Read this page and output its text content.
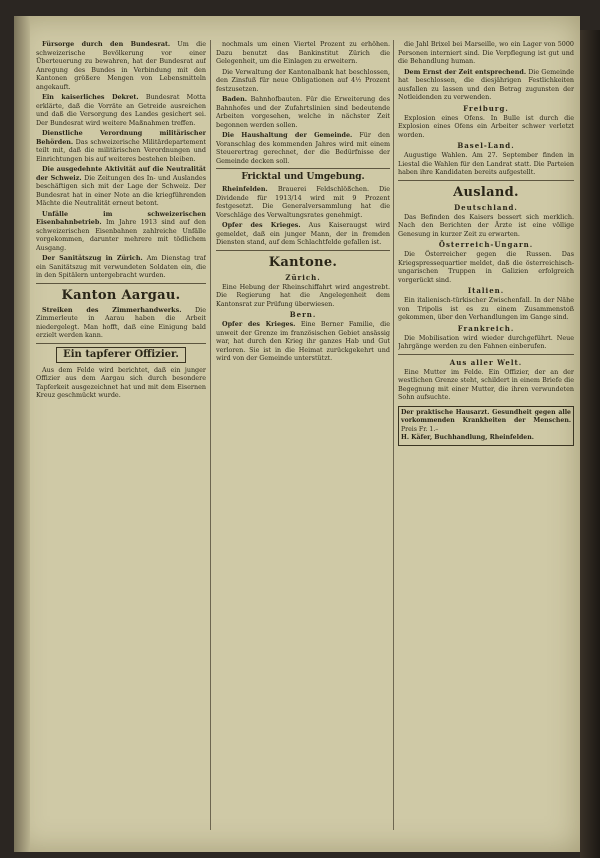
Fürsorge durch den Bundesrat. Um die schweizerische Bevölkerung vor einer Überteuerung zu bewahren, hat der Bundesrat auf Anregung des Bundes in Verbindung mit den Kantonen größere Mengen von Lebensmitteln angekauft.

Ein kaiserliches Dekret. Bundesrat Motta erklärte, daß die Vorräte an Getreide ausreichen und daß die Versorgung des Landes gesichert sei. Der Bundesrat wird weitere Maßnahmen treffen.

Dienstliche Verordnung militärischer Behörden. Das schweizerische Militärdepartement teilt mit, daß die militärischen Verordnungen und Einrichtungen bis auf weiteres bestehen bleiben.

Die ausgedehnte Aktivität auf die Neutralität der Schweiz. Die Zeitungen des In- und Auslandes beschäftigen sich mit der Lage der Schweiz. Der Bundesrat hat in einer Note an die kriegführenden Mächte die Neutralität erneut betont.

Unfälle im schweizerischen Eisenbahnbetrieb. Im Jahre 1913 sind auf den schweizerischen Eisenbahnen zahlreiche Unfälle vorgekommen, darunter mehrere mit tödlichem Ausgang.

Der Sanitätszug in Zürich. Am Dienstag traf ein Sanitätszug mit verwundeten Soldaten ein, die in den Spitälern untergebracht wurden.

Kanton Aargau.

Streiken des Zimmerhandwerks. Die Zimmerleute in Aarau haben die Arbeit niedergelegt. Man hofft, daß eine Einigung bald erzielt werden kann.

Ein tapferer Offizier.

Aus dem Felde wird berichtet, daß ein junger Offizier aus dem Aargau sich durch besondere Tapferkeit ausgezeichnet hat und mit dem Eisernen Kreuz geschmückt wurde.

nochmals um einen Viertel Prozent zu erhöhen. Dazu benutzt das Bankinstitut Zürich die Gelegenheit, um die Einlagen zu erweitern.

Die Verwaltung der Kantonalbank hat beschlossen, den Zinsfuß für neue Obligationen auf 4½ Prozent festzusetzen.

Baden. Bahnhofbauten. Für die Erweiterung des Bahnhofes und der Zufahrtslinien sind bedeutende Arbeiten vorgesehen, welche in nächster Zeit begonnen werden sollen.

Die Haushaltung der Gemeinde. Für den Voranschlag des kommenden Jahres wird mit einem Steuerertrag gerechnet, der die Bedürfnisse der Gemeinde decken soll.

Fricktal und Umgebung.

Rheinfelden. Brauerei Feldschlößchen. Die Dividende für 1913/14 wird mit 9 Prozent festgesetzt. Die Generalversammlung hat die Vorschläge des Verwaltungsrates genehmigt.

Opfer des Krieges. Aus Kaiseraugst wird gemeldet, daß ein junger Mann, der in fremden Diensten stand, auf dem Schlachtfelde gefallen ist.

Kantone.
Zürich.

Eine Hebung der Rheinschiffahrt wird angestrebt. Die Regierung hat die Angelegenheit dem Kantonsrat zur Prüfung überwiesen.

Bern.

Opfer des Krieges. Eine Berner Familie, die unweit der Grenze im französischen Gebiet ansässig war, hat durch den Krieg ihr ganzes Hab und Gut verloren. Sie ist in die Heimat zurückgekehrt und wird von der Gemeinde unterstützt.

die Jahl Brixel bei Marseille, wo ein Lager von 5000 Personen interniert sind. Die Verpflegung ist gut und die Behandlung human.

Dem Ernst der Zeit entsprechend. Die Gemeinde hat beschlossen, die diesjährigen Festlichkeiten ausfallen zu lassen und den Betrag zugunsten der Notleidenden zu verwenden.

Freiburg.

Explosion eines Ofens. In Bulle ist durch die Explosion eines Ofens ein Arbeiter schwer verletzt worden.

Basel-Land.

Augustige Wahlen. Am 27. September finden in Liestal die Wahlen für den Landrat statt. Die Parteien haben ihre Kandidaten bereits aufgestellt.

Ausland.
Deutschland.

Das Befinden des Kaisers bessert sich merklich. Nach den Berichten der Ärzte ist eine völlige Genesung in kurzer Zeit zu erwarten.

Österreich-Ungarn.

Die Österreicher gegen die Russen. Das Kriegspressequartier meldet, daß die österreichisch-ungarischen Truppen in Galizien erfolgreich vorgerückt sind.

Italien.

Ein italienisch-türkischer Zwischenfall. In der Nähe von Tripolis ist es zu einem Zusammenstoß gekommen, über den Verhandlungen im Gange sind.

Frankreich.

Die Mobilisation wird wieder durchgeführt. Neue Jahrgänge werden zu den Fahnen einberufen.

Aus aller Welt.

Eine Mutter im Felde. Ein Offizier, der an der westlichen Grenze steht, schildert in einem Briefe die Begegnung mit einer Mutter, die ihren verwundeten Sohn aufsuchte.

Der praktische Hausarzt. Gesundheit gegen alle vorkommenden Krankheiten der Menschen. Preis Fr. 1.–
H. Käfer, Buchhandlung, Rheinfelden.
